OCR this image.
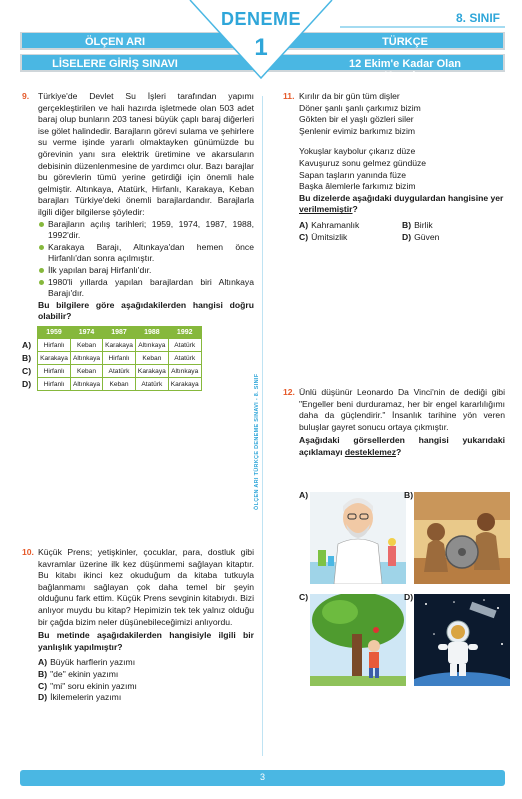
DENEME
1
8. SINIF
ÖLÇEN ARI
LİSELERE GİRİŞ SINAVI
TÜRKÇE
12 Ekim'e Kadar Olan Konular
ÖLÇEN ARI TÜRKÇE DENEME SINAVI - 8. SINIF
9. Türkiye'de Devlet Su İşleri tarafından yapımı gerçekleştirilen ve hali hazırda işletmede olan 503 adet baraj olup bunların 203 tanesi büyük çaplı baraj diğerleri ise gölet halindedir. Barajların görevi sulama ve şehirlere su verme işinde yararlı olmaktayken günümüzde bu görevinin yanı sıra elektrik üretimine ve akarsuların debisinin düzenlenmesine de yardımcı olur. Bazı barajlar bu görevlerin tümü yerine getirdiği için önemli hale gelmiştir. Altınkaya, Atatürk, Hirfanlı, Karakaya, Keban barajları Türkiye'deki önemli barajlardandır. Barajlarla ilgili diğer bilgilerse şöyledir:

Barajların açılış tarihleri; 1959, 1974, 1987, 1988, 1992'dir.
Karakaya Barajı, Altınkaya'dan hemen önce Hirfanlı'dan sonra açılmıştır.
İlk yapılan baraj Hirfanlı'dır.
1980'li yıllarda yapılan barajlardan biri Altınkaya Barajı'dır.

Bu bilgilere göre aşağıdakilerden hangisi doğru olabilir?

	1959	1974	1987	1988	1992
A)	Hirfanlı	Keban	Karakaya	Altınkaya	Atatürk
B)	Karakaya	Altınkaya	Hirfanlı	Keban	Atatürk
C)	Hirfanlı	Keban	Atatürk	Karakaya	Altınkaya
D)	Hirfanlı	Altınkaya	Keban	Atatürk	Karakaya
10. Küçük Prens; yetişkinler, çocuklar, para, dostluk gibi kavramlar üzerine ilk kez düşünmemi sağlayan kitaptır. Bu kitabı ikinci kez okuduğum da kitaba tutkuyla bağlanmamı sağlayan çok daha temel bir şeyin olduğunu fark ettim. Küçük Prens sevginin kitabıydı. Bizi anlıyor muydu bu kitap? Hepimizin tek tek yalnız olduğu bir çağda bizim neler düşünebileceğimizi anlıyordu.

Bu metinde aşağıdakilerden hangisiyle ilgili bir yanlışlık yapılmıştır?

A) Büyük harflerin yazımı
B) "de" ekinin yazımı
C) "mi" soru ekinin yazımı
D) İkilemelerin yazımı
11. Kırılır da bir gün tüm dişler

Döner şanlı şanlı çarkımız bizim

Gökten bir el yaşlı gözleri siler

Şenlenir evimiz barkımız bizim

Yokuşlar kaybolur çıkarız düze

Kavuşuruz sonu gelmez gündüze

Sapan taşların yanında füze

Başka âlemlerle farkımız bizim

Bu dizelerde aşağıdaki duygulardan hangisine yer verilmemiştir?

A) Kahramanlık	B) Birlik
C) Ümitsizlik	D) Güven
12. Ünlü düşünür Leonardo Da Vinci'nin de dediği gibi "Engeller beni durduramaz, her bir engel kararlılığımı daha da güçlendirir." İnsanlık tarihine yön veren buluşlar gayret sonucu ortaya çıkmıştır.

Aşağıdaki görsellerden hangisi yukarıdaki açıklamayı desteklemez?

A)	B)
C)	D)
3
